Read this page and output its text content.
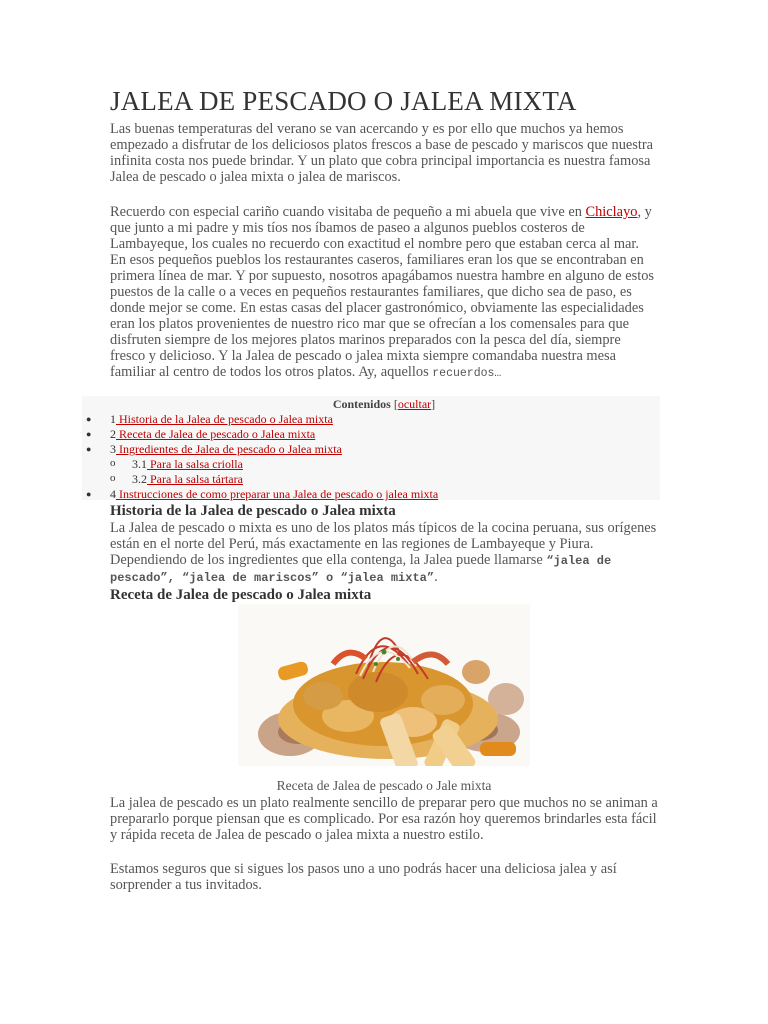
JALEA DE PESCADO O JALEA MIXTA

Las buenas temperaturas del verano se van acercando y es por ello que muchos ya hemos empezado a disfrutar de los deliciosos platos frescos a base de pescado y mariscos que nuestra infinita costa nos puede brindar. Y un plato que cobra principal importancia es nuestra famosa Jalea de pescado o jalea mixta o jalea de mariscos.

Recuerdo con especial cariño cuando visitaba de pequeño a mi abuela que vive en Chiclayo, y que junto a mi padre y mis tíos nos íbamos de paseo a algunos pueblos costeros de Lambayeque, los cuales no recuerdo con exactitud el nombre pero que estaban cerca al mar. En esos pequeños pueblos los restaurantes caseros, familiares eran los que se encontraban en primera línea de mar. Y por supuesto, nosotros apagábamos nuestra hambre en alguno de estos puestos de la calle o a veces en pequeños restaurantes familiares, que dicho sea de paso, es donde mejor se come. En estas casas del placer gastronómico, obviamente las especialidades eran los platos provenientes de nuestro rico mar que se ofrecían a los comensales para que disfruten siempre de los mejores platos marinos preparados con la pesca del día, siempre fresco y delicioso. Y la Jalea de pescado o jalea mixta siempre comandaba nuestra mesa familiar al centro de todos los otros platos. Ay, aquellos recuerdos…

Contenidos [ocultar]
● 1 Historia de la Jalea de pescado o Jalea mixta
● 2 Receta de Jalea de pescado o Jalea mixta
● 3 Ingredientes de Jalea de pescado o Jalea mixta
o 3.1 Para la salsa criolla
o 3.2 Para la salsa tártara
● 4 Instrucciones de como preparar una Jalea de pescado o jalea mixta
Historia de la Jalea de pescado o Jalea mixta

La Jalea de pescado o mixta es uno de los platos más típicos de la cocina peruana, sus orígenes están en el norte del Perú, más exactamente en las regiones de Lambayeque y Piura. Dependiendo de los ingredientes que ella contenga, la Jalea puede llamarse “jalea de pescado”, “jalea de mariscos” o “jalea mixta”.

Receta de Jalea de pescado o Jalea mixta
Receta de Jalea de pescado o Jale mixta

La jalea de pescado es un plato realmente sencillo de preparar pero que muchos no se animan a prepararlo porque piensan que es complicado. Por esa razón hoy queremos brindarles esta fácil y rápida receta de Jalea de pescado o jalea mixta a nuestro estilo.

Estamos seguros que si sigues los pasos uno a uno podrás hacer una deliciosa jalea y así sorprender a tus invitados.
